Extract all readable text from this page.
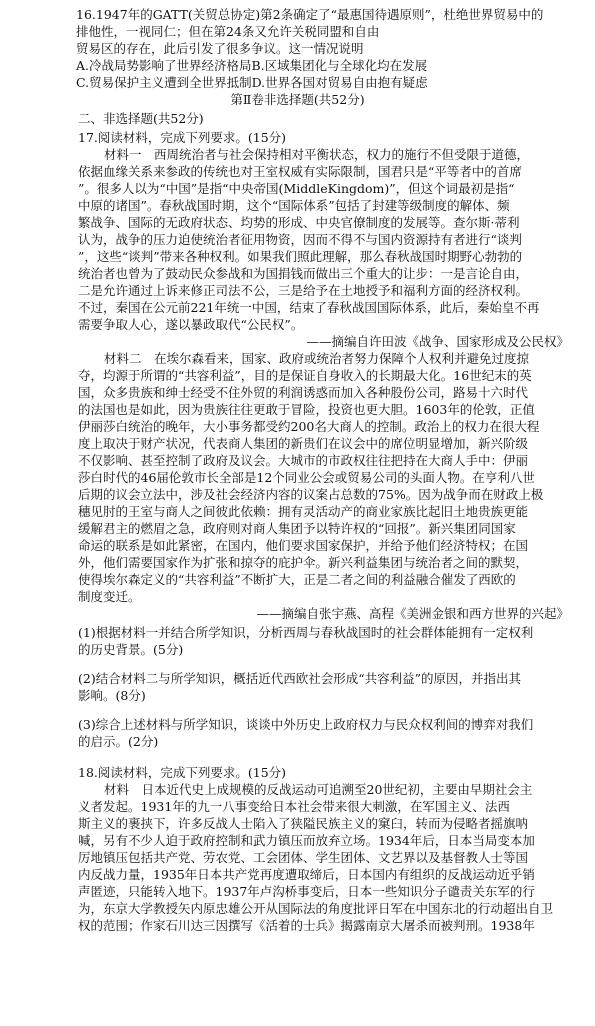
16.1947年的GATT(关贸总协定)第2条确定了“最惠国待遇原则”，杜绝世界贸易中的
排他性，一视同仁；但在第24条又允许关税同盟和自由
贸易区的存在，此后引发了很多争议。这一情况说明
A.冷战局势影响了世界经济格局B.区域集团化与全球化均在发展
C.贸易保护主义遭到全世界抵制D.世界各国对贸易自由抱有疑虑
第Ⅱ卷非选择题(共52分)
二、非选择题(共52分)
17.阅读材料，完成下列要求。(15分)
材料一　西周统治者与社会保持相对平衡状态，权力的施行不但受限于道德，
依据血缘关系来参政的传统也对王室权威有实际限制，国君只是“平等者中的首席
”。很多人以为“中国”是指“中央帝国(MiddleKingdom)”，但这个词最初是指“
中原的诸国”。春秋战国时期，这个“国际体系”包括了封建等级制度的解体、频
繁战争、国际的无政府状态、均势的形成、中央官僚制度的发展等。查尔斯·蒂利
认为，战争的压力迫使统治者征用物资，因而不得不与国内资源持有者进行“谈判
”，这些“谈判”带来各种权利。如果我们照此理解，那么春秋战国时期野心勃勃的
统治者也曾为了鼓动民众参战和为国捐钱而做出三个重大的让步：一是言论自由，
二是允许通过上诉来修正司法不公，三是给予在土地授予和福利方面的经济权利。
不过，秦国在公元前221年统一中国，结束了春秋战国国际体系，此后，秦始皇不再
需要争取人心，遂以暴政取代“公民权”。
——摘编自许田波《战争、国家形成及公民权》
材料二　在埃尔森看来，国家、政府或统治者努力保障个人权利并避免过度掠
夺，均源于所谓的“共容利益”，目的是保证自身收入的长期最大化。16世纪末的英
国，众多贵族和绅士经受不住外贸的利润诱惑而加入各种股份公司，路易十六时代
的法国也是如此，因为贵族往往更敢于冒险，投资也更大胆。1603年的伦敦，正值
伊丽莎白统治的晚年，大小事务都受约200名大商人的控制。政治上的权力在很大程
度上取决于财产状况，代表商人集团的新贵们在议会中的席位明显增加，新兴阶级
不仅影响、甚至控制了政府及议会。大城市的市政权往往把持在大商人手中：伊丽
莎白时代的46届伦敦市长全部是12个同业公会或贸易公司的头面人物。在亨利八世
后期的议会立法中，涉及社会经济内容的议案占总数的75%。因为战争而在财政上极
穗见肘的王室与商人之间彼此依赖：拥有灵活动产的商业家族比起旧土地贵族更能
缓解君主的燃眉之急，政府则对商人集团予以特许权的“回报”。新兴集团同国家
命运的联系是如此紧密，在国内，他们要求国家保护，并给予他们经济特权；在国
外，他们需要国家作为扩张和掠夺的庇护伞。新兴利益集团与统治者之间的默契，
使得埃尔森定义的“共容利益”不断扩大，正是二者之间的利益融合催发了西欧的
制度变迁。
——摘编自张宇燕、高程《美洲金银和西方世界的兴起》
(1)根据材料一并结合所学知识，分析西周与春秋战国时的社会群体能拥有一定权利
的历史背景。(5分)
(2)结合材料二与所学知识，概括近代西欧社会形成“共容利益”的原因，并指出其
影响。(8分)
(3)综合上述材料与所学知识，谈谈中外历史上政府权力与民众权利间的博弈对我们
的启示。(2分)
18.阅读材料，完成下列要求。(15分)
材料　日本近代史上成规模的反战运动可追溯至20世纪初，主要由早期社会主
义者发起。1931年的九一八事变给日本社会带来很大刺激，在军国主义、法西
斯主义的裹挟下，许多反战人士陷入了狭隘民族主义的窠臼，转而为侵略者摇旗呐
喊，另有不少人迫于政府控制和武力镇压而放弃立场。1934年后，日本当局变本加
厉地镇压包括共产党、劳农党、工会团体、学生团体、文艺界以及基督教人士等国
内反战力量，1935年日本共产党再度遭取缔后，日本国内有组织的反战运动近乎销
声匿迹，只能转入地下。1937年卢沟桥事变后，日本一些知识分子谴责关东军的行
为，东京大学教授矢内原忠雄公开从国际法的角度批评日军在中国东北的行动超出自卫
权的范围；作家石川达三因撰写《活着的士兵》揭露南京大屠杀而被判刑。1938年
